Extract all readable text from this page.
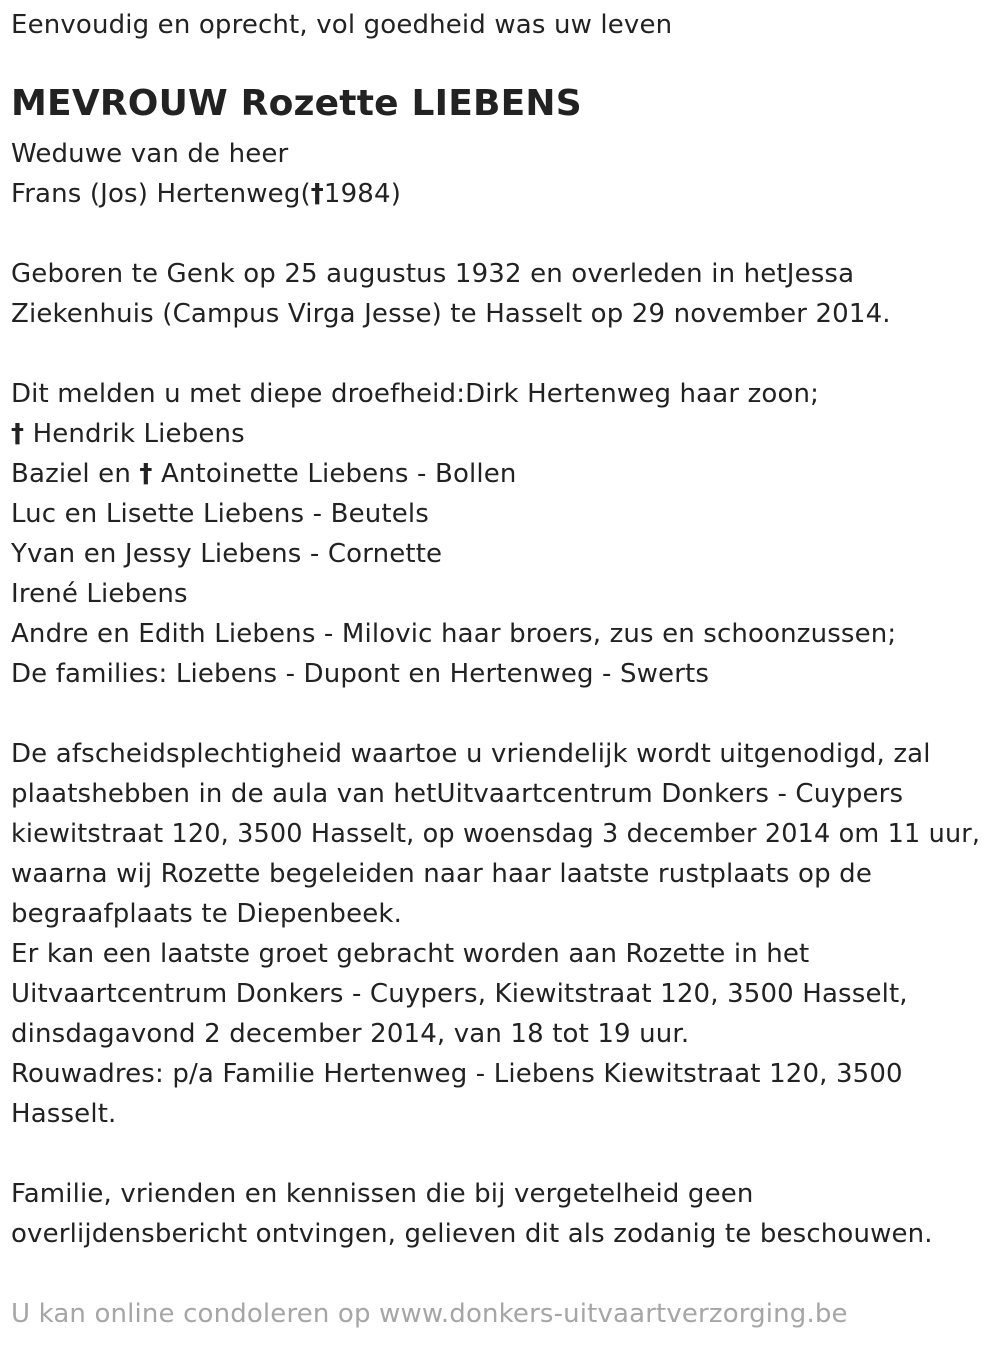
Eenvoudig en oprecht, vol goedheid was uw leven
MEVROUW Rozette LIEBENS
Weduwe van de heer
Frans (Jos) Hertenweg(†1984)
Geboren te Genk op 25 augustus 1932 en overleden in hetJessa
Ziekenhuis (Campus Virga Jesse) te Hasselt op 29 november 2014.
Dit melden u met diepe droefheid:Dirk Hertenweg haar zoon;
† Hendrik Liebens
Baziel en † Antoinette Liebens - Bollen
Luc en Lisette Liebens - Beutels
Yvan en Jessy Liebens - Cornette
Irené Liebens
Andre en Edith Liebens - Milovic haar broers, zus en schoonzussen;
De families: Liebens - Dupont en Hertenweg - Swerts
De afscheidsplechtigheid waartoe u vriendelijk wordt uitgenodigd, zal
plaatshebben in de aula van hetUitvaartcentrum Donkers - Cuypers
kiewitstraat 120, 3500 Hasselt, op woensdag 3 december 2014 om 11 uur,
waarna wij Rozette begeleiden naar haar laatste rustplaats op de
begraafplaats te Diepenbeek.
Er kan een laatste groet gebracht worden aan Rozette in het
Uitvaartcentrum Donkers - Cuypers, Kiewitstraat 120, 3500 Hasselt,
dinsdagavond 2 december 2014, van 18 tot 19 uur.
Rouwadres: p/a Familie Hertenweg - Liebens Kiewitstraat 120, 3500
Hasselt.
Familie, vrienden en kennissen die bij vergetelheid geen
overlijdensbericht ontvingen, gelieven dit als zodanig te beschouwen.
U kan online condoleren op www.donkers-uitvaartverzorging.be
